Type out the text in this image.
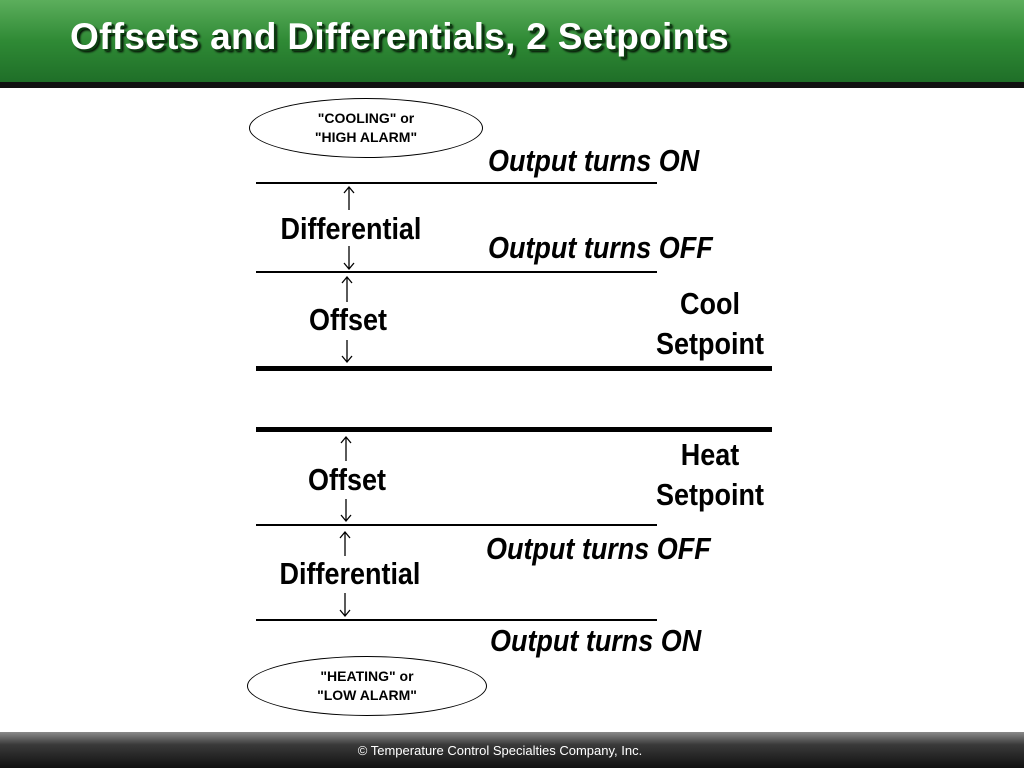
Offsets and Differentials, 2 Setpoints
"COOLING" or
"HIGH ALARM"
Output turns ON
Output turns OFF
Output turns OFF
Output turns ON
Differential
Offset
Offset
Differential
Cool
Setpoint
Heat
Setpoint
"HEATING" or
"LOW ALARM"
© Temperature Control Specialties Company, Inc.
